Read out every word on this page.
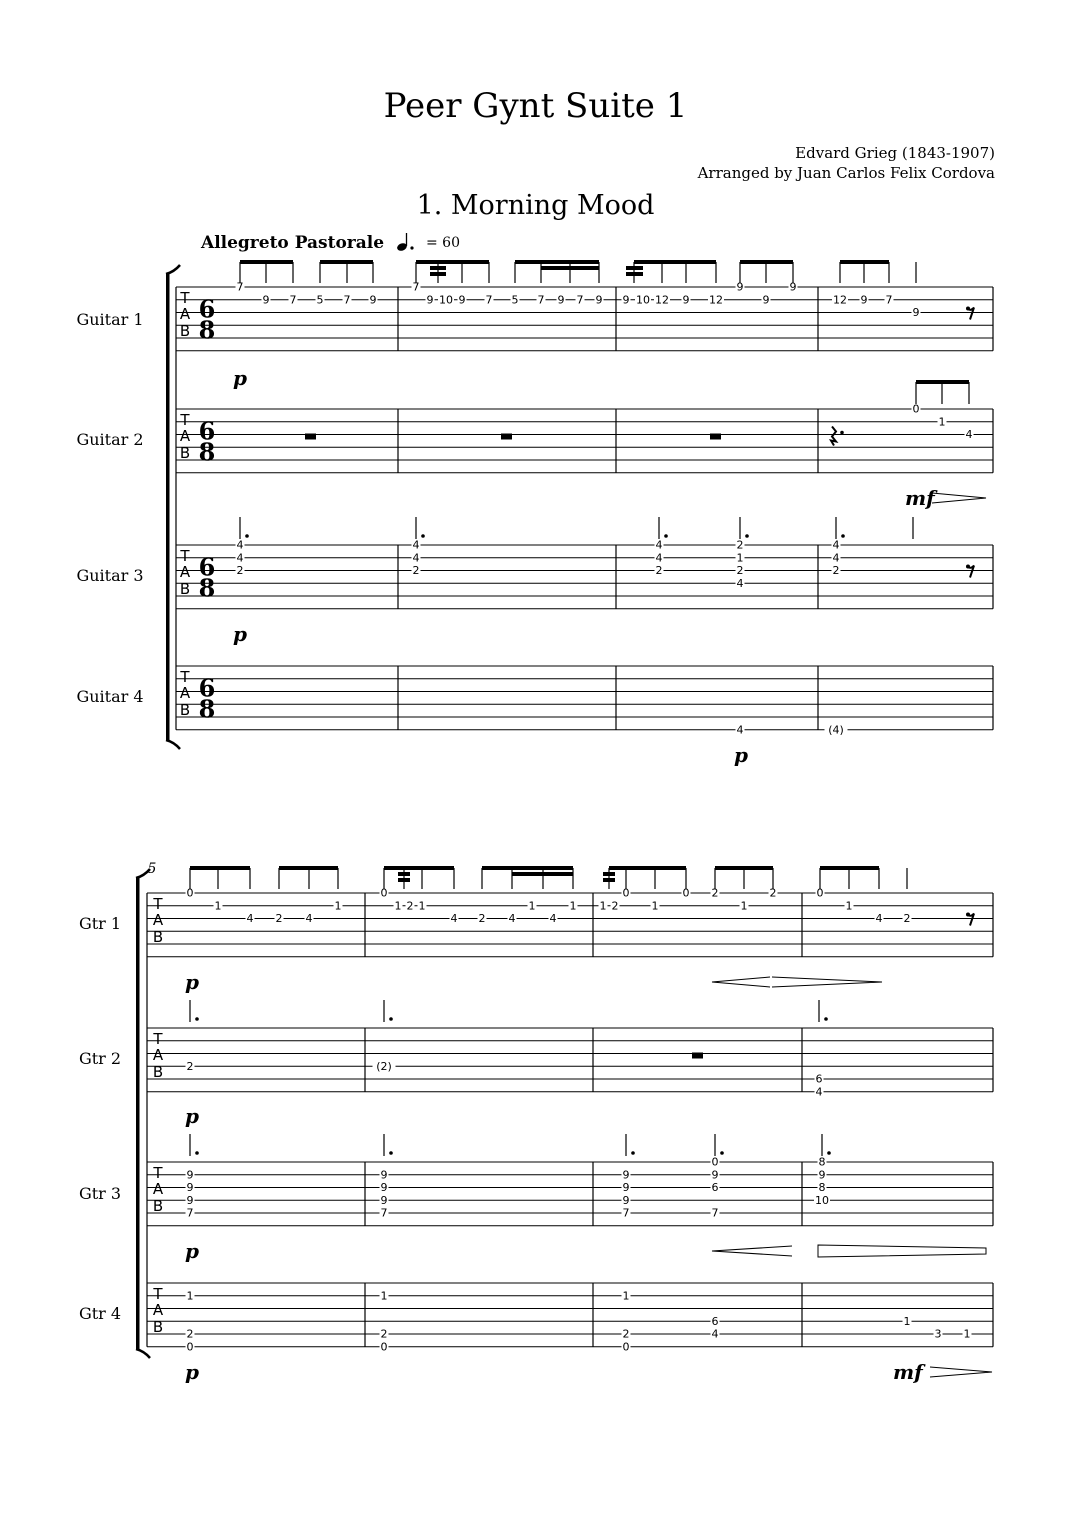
Peer Gynt Suite 1
Edvard Grieg (1843-1907)
Arranged by Juan Carlos Felix Cordova
1. Morning Mood
Allegreto Pastorale	= 60
Guitar 1
Guitar 2
Guitar 3
Guitar 4
Gtr 1
Gtr 2
Gtr 3
Gtr 4
T
A
B
6
8
T
A
B
6
8
T
A
B
6
8
T
A
B
6
8
7
9 7 5 7 9
7
9 10 9 7 5 7 9 7 9 9 10 12 9 12
9
9
9
12 9 7
9
p
0
1
4
mf
4
4
2
4
4
2
4
4
2
2
1
2
4
4
4
2
p
4	(4)
p
5
T
A
B
T
A
B
T
A
B
T
A
B
0
1
4 2 4
1
0
1 2 1
4 2 4
1
4
1 1 2
0
1
0 2
1
2	0
1
4 2
p
2	(2)
6
4
p
9
9
9
7
9
9
9
7
9
9
9
7
0
9
6
7
8
9
8
10
p
1
2
0
1
2
0
1
2
0
6
4
1
3 1
p	mf
